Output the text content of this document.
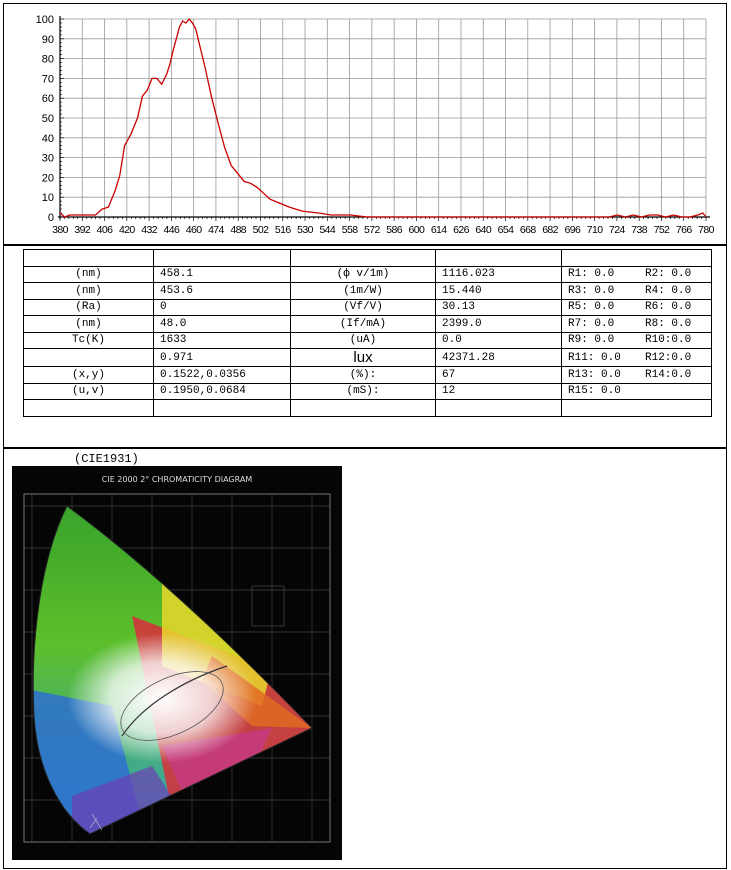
0
10
20
30
40
50
60
70
80
90
100
380 392 406 420 432 446 460 474 488 502 516 530 544 558 572 586 600 614 626 640 654 668 682 696 710 724 738 752 766 780

(nm)	458.1	(ф v/1m)	1116.023	R1: 0.0 R2: 0.0
(nm)	453.6	(1m/W)	15.440	R3: 0.0 R4: 0.0
(Ra)	0	(Vf/V)	30.13	R5: 0.0 R6: 0.0
(nm)	48.0	(If/mA)	2399.0	R7: 0.0 R8: 0.0
Tc(K)	1633	(uA)	0.0	R9: 0.0 R10:0.0
	0.971	lux	42371.28	R11: 0.0 R12:0.0
(x,y)	0.1522,0.0356	(%):	67	R13: 0.0 R14:0.0
(u,v)	0.1950,0.0684	(mS):	12	R15: 0.0

(CIE1931)
CIE 2000 2° CHROMATICITY DIAGRAM
